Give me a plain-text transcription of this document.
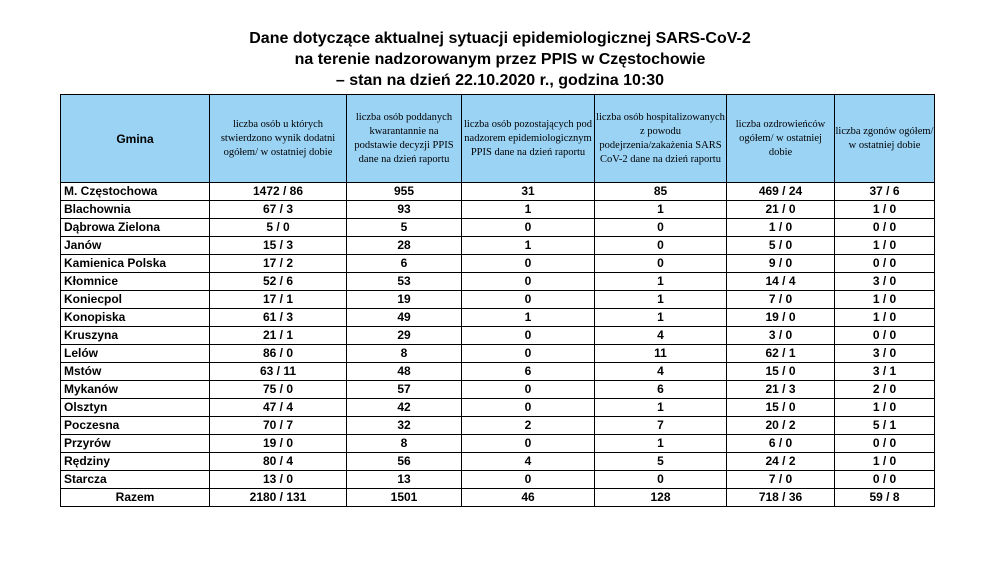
Dane dotyczące aktualnej sytuacji epidemiologicznej SARS-CoV-2
na terenie nadzorowanym przez PPIS w Częstochowie
– stan na dzień 22.10.2020 r., godzina 10:30
Gmina	liczba osób u których stwierdzono wynik dodatni ogółem/ w ostatniej dobie	liczba osób poddanych kwarantannie na podstawie decyzji PPIS dane na dzień raportu	liczba osób pozostających pod nadzorem epidemiologicznym PPIS dane na dzień raportu	liczba osób hospitalizowanych z powodu podejrzenia/zakażenia SARS CoV-2 dane na dzień raportu	liczba ozdrowieńców ogółem/ w ostatniej dobie	liczba zgonów ogółem/ w ostatniej dobie
M. Częstochowa	1472 / 86	955	31	85	469 / 24	37 / 6
Blachownia	67 / 3	93	1	1	21 / 0	1 / 0
Dąbrowa Zielona	5 / 0	5	0	0	1 / 0	0 / 0
Janów	15 / 3	28	1	0	5 / 0	1 / 0
Kamienica Polska	17 / 2	6	0	0	9 / 0	0 / 0
Kłomnice	52 / 6	53	0	1	14 / 4	3 / 0
Koniecpol	17 / 1	19	0	1	7 / 0	1 / 0
Konopiska	61 / 3	49	1	1	19 / 0	1 / 0
Kruszyna	21 / 1	29	0	4	3 / 0	0 / 0
Lelów	86 / 0	8	0	11	62 / 1	3 / 0
Mstów	63 / 11	48	6	4	15 / 0	3 / 1
Mykanów	75 / 0	57	0	6	21 / 3	2 / 0
Olsztyn	47 / 4	42	0	1	15 / 0	1 / 0
Poczesna	70 / 7	32	2	7	20 / 2	5 / 1
Przyrów	19 / 0	8	0	1	6 / 0	0 / 0
Rędziny	80 / 4	56	4	5	24 / 2	1 / 0
Starcza	13 / 0	13	0	0	7 / 0	0 / 0
Razem	2180 / 131	1501	46	128	718 / 36	59 / 8
